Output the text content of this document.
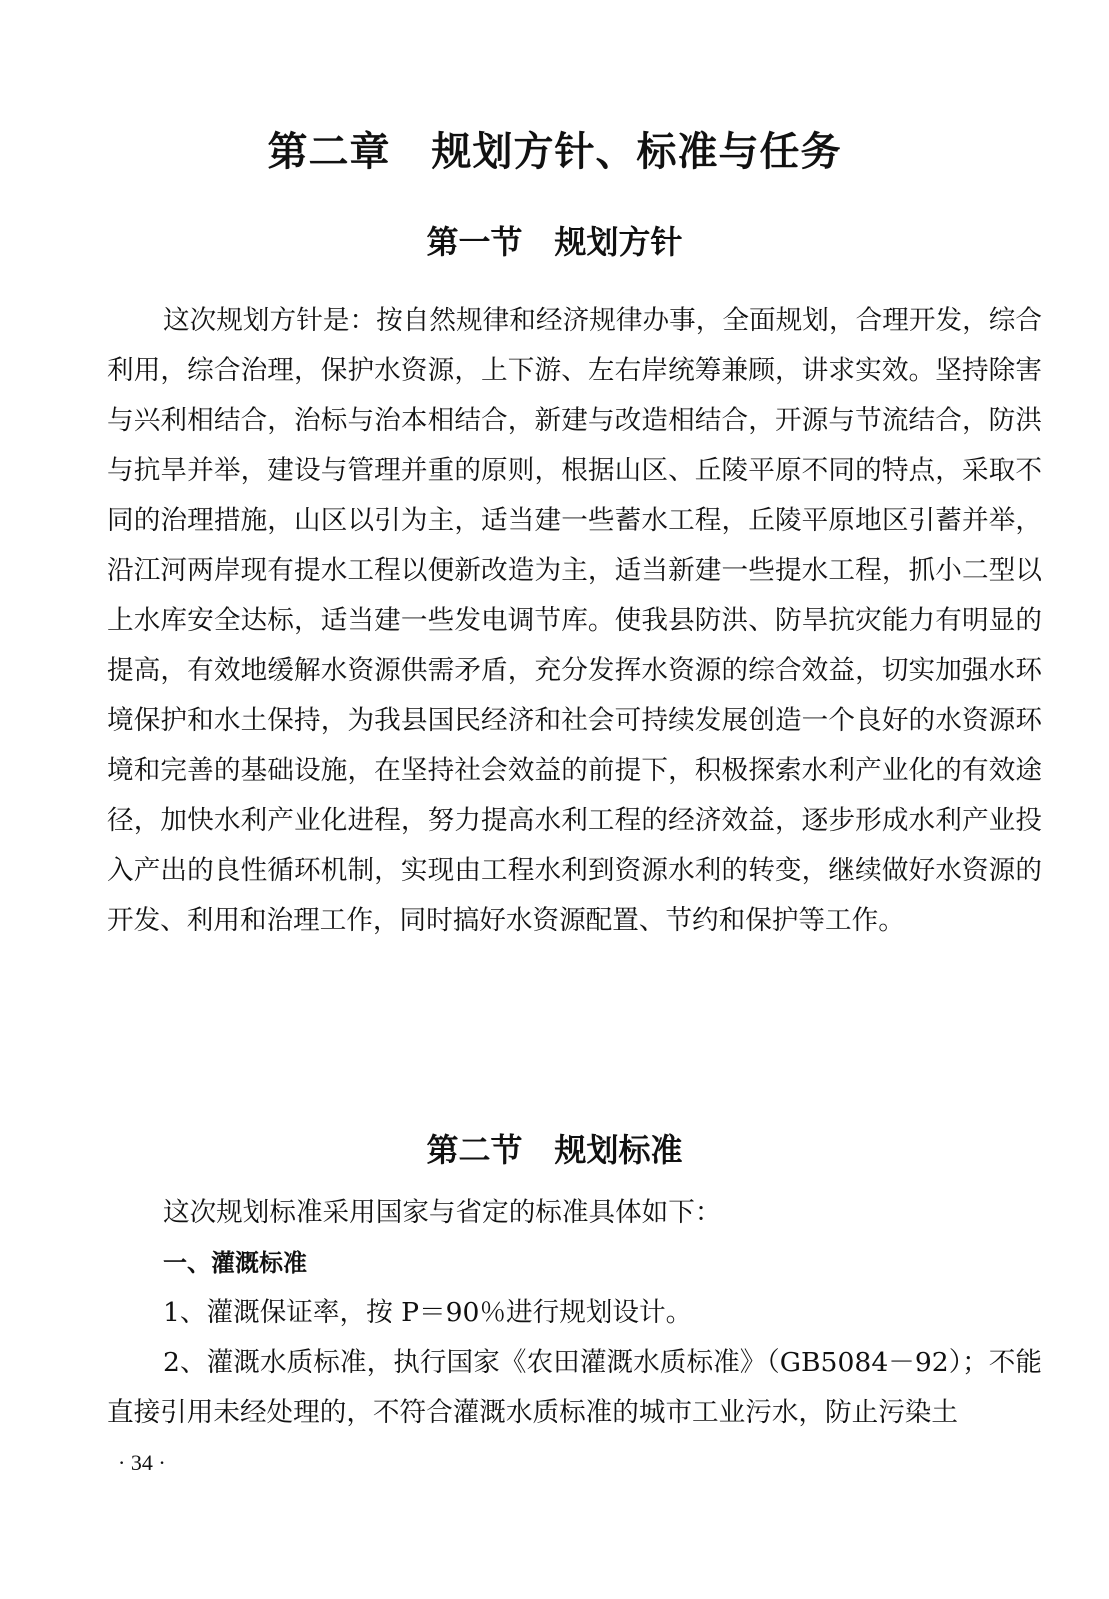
第二章　规划方针、标准与任务
第一节　规划方针

这次规划方针是：按自然规律和经济规律办事，全面规划，合理开发，综合利用，综合治理，保护水资源，上下游、左右岸统筹兼顾，讲求实效。坚持除害与兴利相结合，治标与治本相结合，新建与改造相结合，开源与节流结合，防洪与抗旱并举，建设与管理并重的原则，根据山区、丘陵平原不同的特点，采取不同的治理措施，山区以引为主，适当建一些蓄水工程，丘陵平原地区引蓄并举，沿江河两岸现有提水工程以便新改造为主，适当新建一些提水工程，抓小二型以上水库安全达标，适当建一些发电调节库。使我县防洪、防旱抗灾能力有明显的提高，有效地缓解水资源供需矛盾，充分发挥水资源的综合效益，切实加强水环境保护和水土保持，为我县国民经济和社会可持续发展创造一个良好的水资源环境和完善的基础设施，在坚持社会效益的前提下，积极探索水利产业化的有效途径，加快水利产业化进程，努力提高水利工程的经济效益，逐步形成水利产业投入产出的良性循环机制，实现由工程水利到资源水利的转变，继续做好水资源的开发、利用和治理工作，同时搞好水资源配置、节约和保护等工作。

第二节　规划标准

这次规划标准采用国家与省定的标准具体如下：

一、灌溉标准

1、灌溉保证率，按 P＝90％进行规划设计。

2、灌溉水质标准，执行国家《农田灌溉水质标准》（GB5084－92）；不能直接引用未经处理的，不符合灌溉水质标准的城市工业污水，防止污染土

· 34 ·
